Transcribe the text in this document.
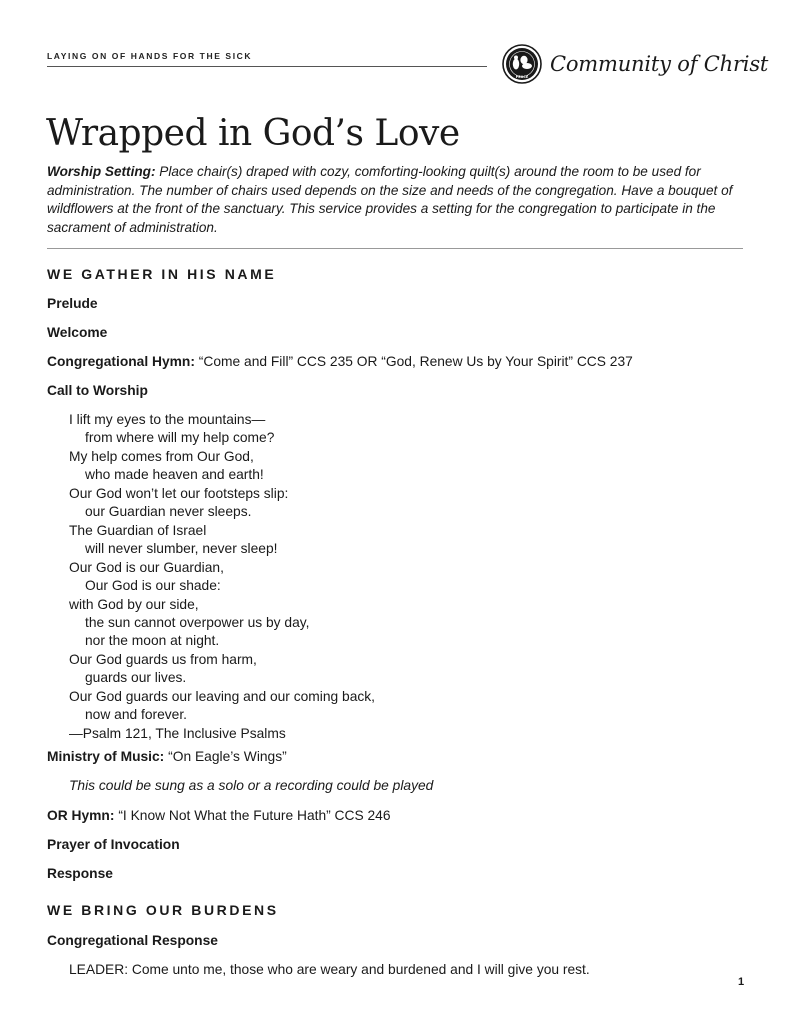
LAYING ON OF HANDS FOR THE SICK
PEACE
Community of Christ
Wrapped in God’s Love
Worship Setting: Place chair(s) draped with cozy, comforting-looking quilt(s) around the room to be used for administration. The number of chairs used depends on the size and needs of the congregation. Have a bouquet of wildflowers at the front of the sanctuary. This service provides a setting for the congregation to participate in the sacrament of administration.
WE GATHER IN HIS NAME
Prelude
Welcome
Congregational Hymn: “Come and Fill” CCS 235 OR “God, Renew Us by Your Spirit” CCS 237
Call to Worship
I lift my eyes to the mountains—
from where will my help come?
My help comes from Our God,
who made heaven and earth!
Our God won’t let our footsteps slip:
our Guardian never sleeps.
The Guardian of Israel
will never slumber, never sleep!
Our God is our Guardian,
Our God is our shade:
with God by our side,
the sun cannot overpower us by day,
nor the moon at night.
Our God guards us from harm,
guards our lives.
Our God guards our leaving and our coming back,
now and forever.
—Psalm 121, The Inclusive Psalms
Ministry of Music: “On Eagle’s Wings”
This could be sung as a solo or a recording could be played
OR Hymn: “I Know Not What the Future Hath” CCS 246
Prayer of Invocation
Response
WE BRING OUR BURDENS
Congregational Response
LEADER: Come unto me, those who are weary and burdened and I will give you rest.
1
